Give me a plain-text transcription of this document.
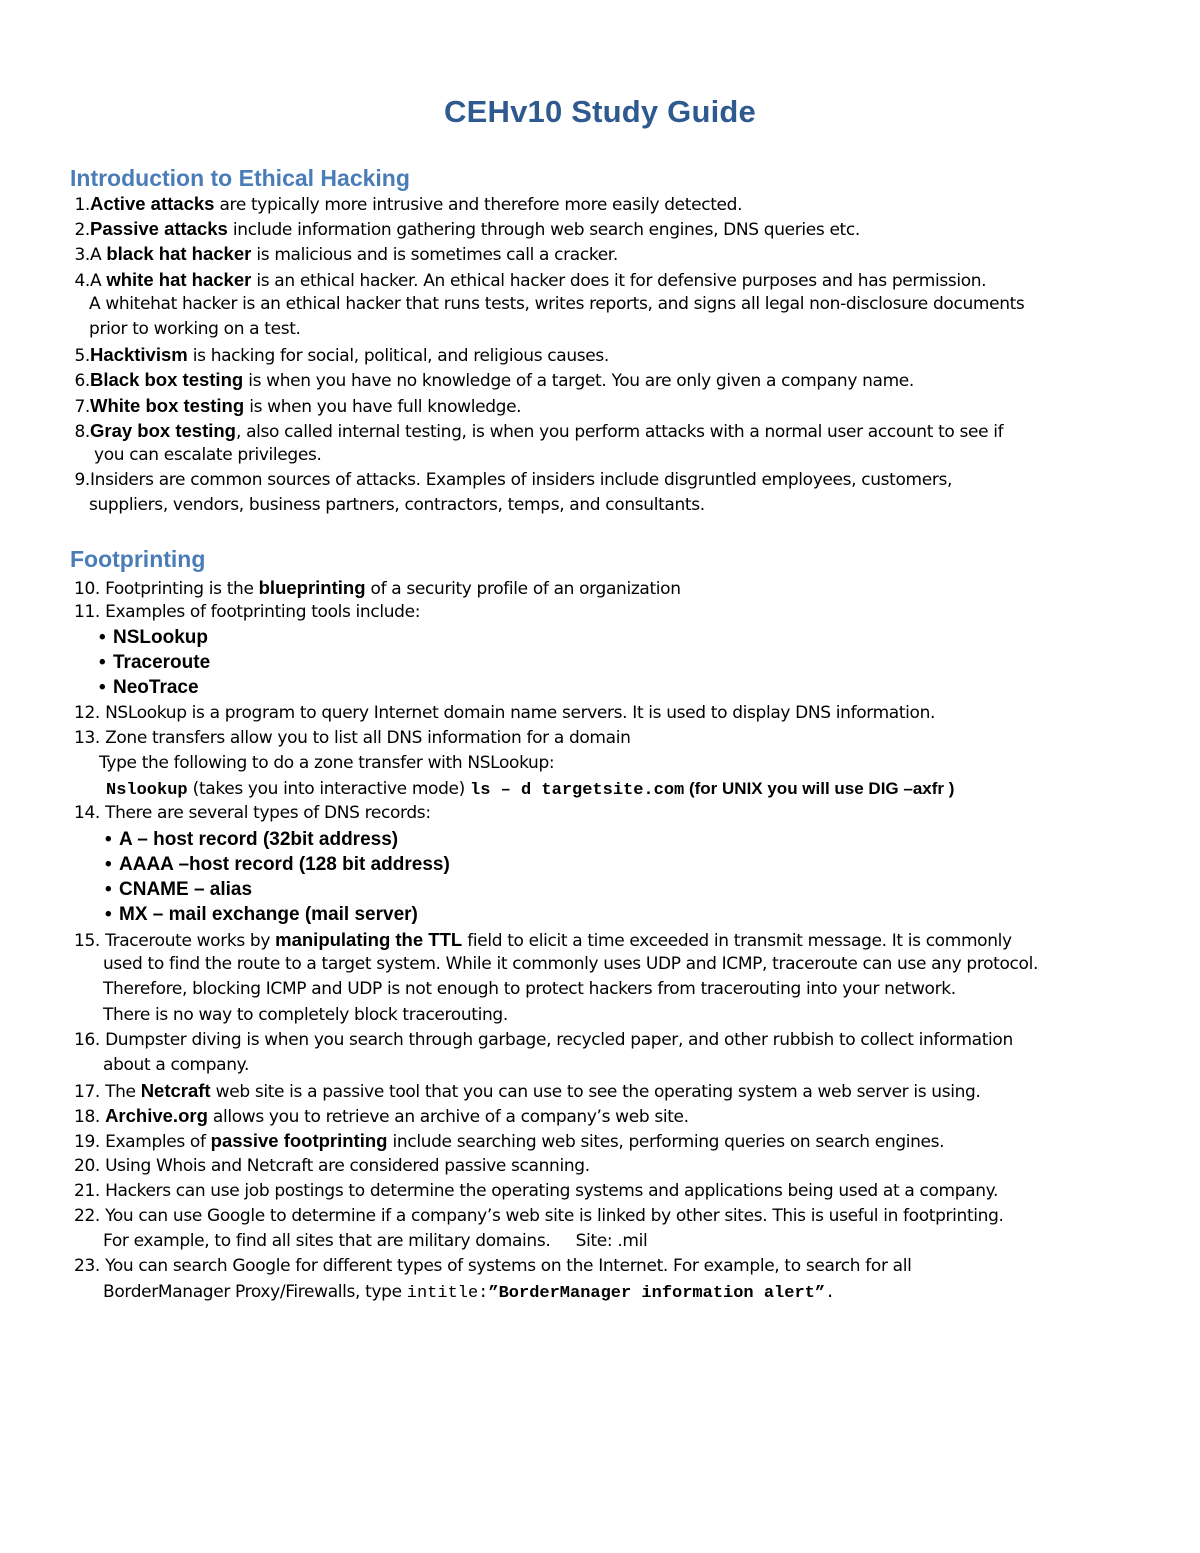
CEHv10 Study Guide
Introduction to Ethical Hacking
1.Active attacks are typically more intrusive and therefore more easily detected.
2.Passive attacks include information gathering through web search engines, DNS queries etc.
3.A black hat hacker is malicious and is sometimes call a cracker.
4.A white hat hacker is an ethical hacker. An ethical hacker does it for defensive purposes and has permission.
A whitehat hacker is an ethical hacker that runs tests, writes reports, and signs all legal non-disclosure documents
prior to working on a test.
5.Hacktivism is hacking for social, political, and religious causes.
6.Black box testing is when you have no knowledge of a target. You are only given a company name.
7.White box testing is when you have full knowledge.
8.Gray box testing, also called internal testing, is when you perform attacks with a normal user account to see if
you can escalate privileges.
9.Insiders are common sources of attacks. Examples of insiders include disgruntled employees, customers,
suppliers, vendors, business partners, contractors, temps, and consultants.
Footprinting
10. Footprinting is the blueprinting of a security profile of an organization
11. Examples of footprinting tools include:
• NSLookup
• Traceroute
• NeoTrace
12. NSLookup is a program to query Internet domain name servers. It is used to display DNS information.
13. Zone transfers allow you to list all DNS information for a domain
Type the following to do a zone transfer with NSLookup:
Nslookup (takes you into interactive mode) ls – d targetsite.com (for UNIX you will use DIG –axfr )
14. There are several types of DNS records:
• A – host record (32bit address)
• AAAA –host record (128 bit address)
• CNAME – alias
• MX – mail exchange (mail server)
15. Traceroute works by manipulating the TTL field to elicit a time exceeded in transmit message. It is commonly
used to find the route to a target system. While it commonly uses UDP and ICMP, traceroute can use any protocol.
Therefore, blocking ICMP and UDP is not enough to protect hackers from tracerouting into your network.
There is no way to completely block tracerouting.
16. Dumpster diving is when you search through garbage, recycled paper, and other rubbish to collect information
about a company.
17. The Netcraft web site is a passive tool that you can use to see the operating system a web server is using.
18. Archive.org allows you to retrieve an archive of a company’s web site.
19. Examples of passive footprinting include searching web sites, performing queries on search engines.
20. Using Whois and Netcraft are considered passive scanning.
21. Hackers can use job postings to determine the operating systems and applications being used at a company.
22. You can use Google to determine if a company’s web site is linked by other sites. This is useful in footprinting.
For example, to find all sites that are military domains.     Site: .mil
23. You can search Google for different types of systems on the Internet. For example, to search for all
BorderManager Proxy/Firewalls, type intitle:”BorderManager information alert”.
